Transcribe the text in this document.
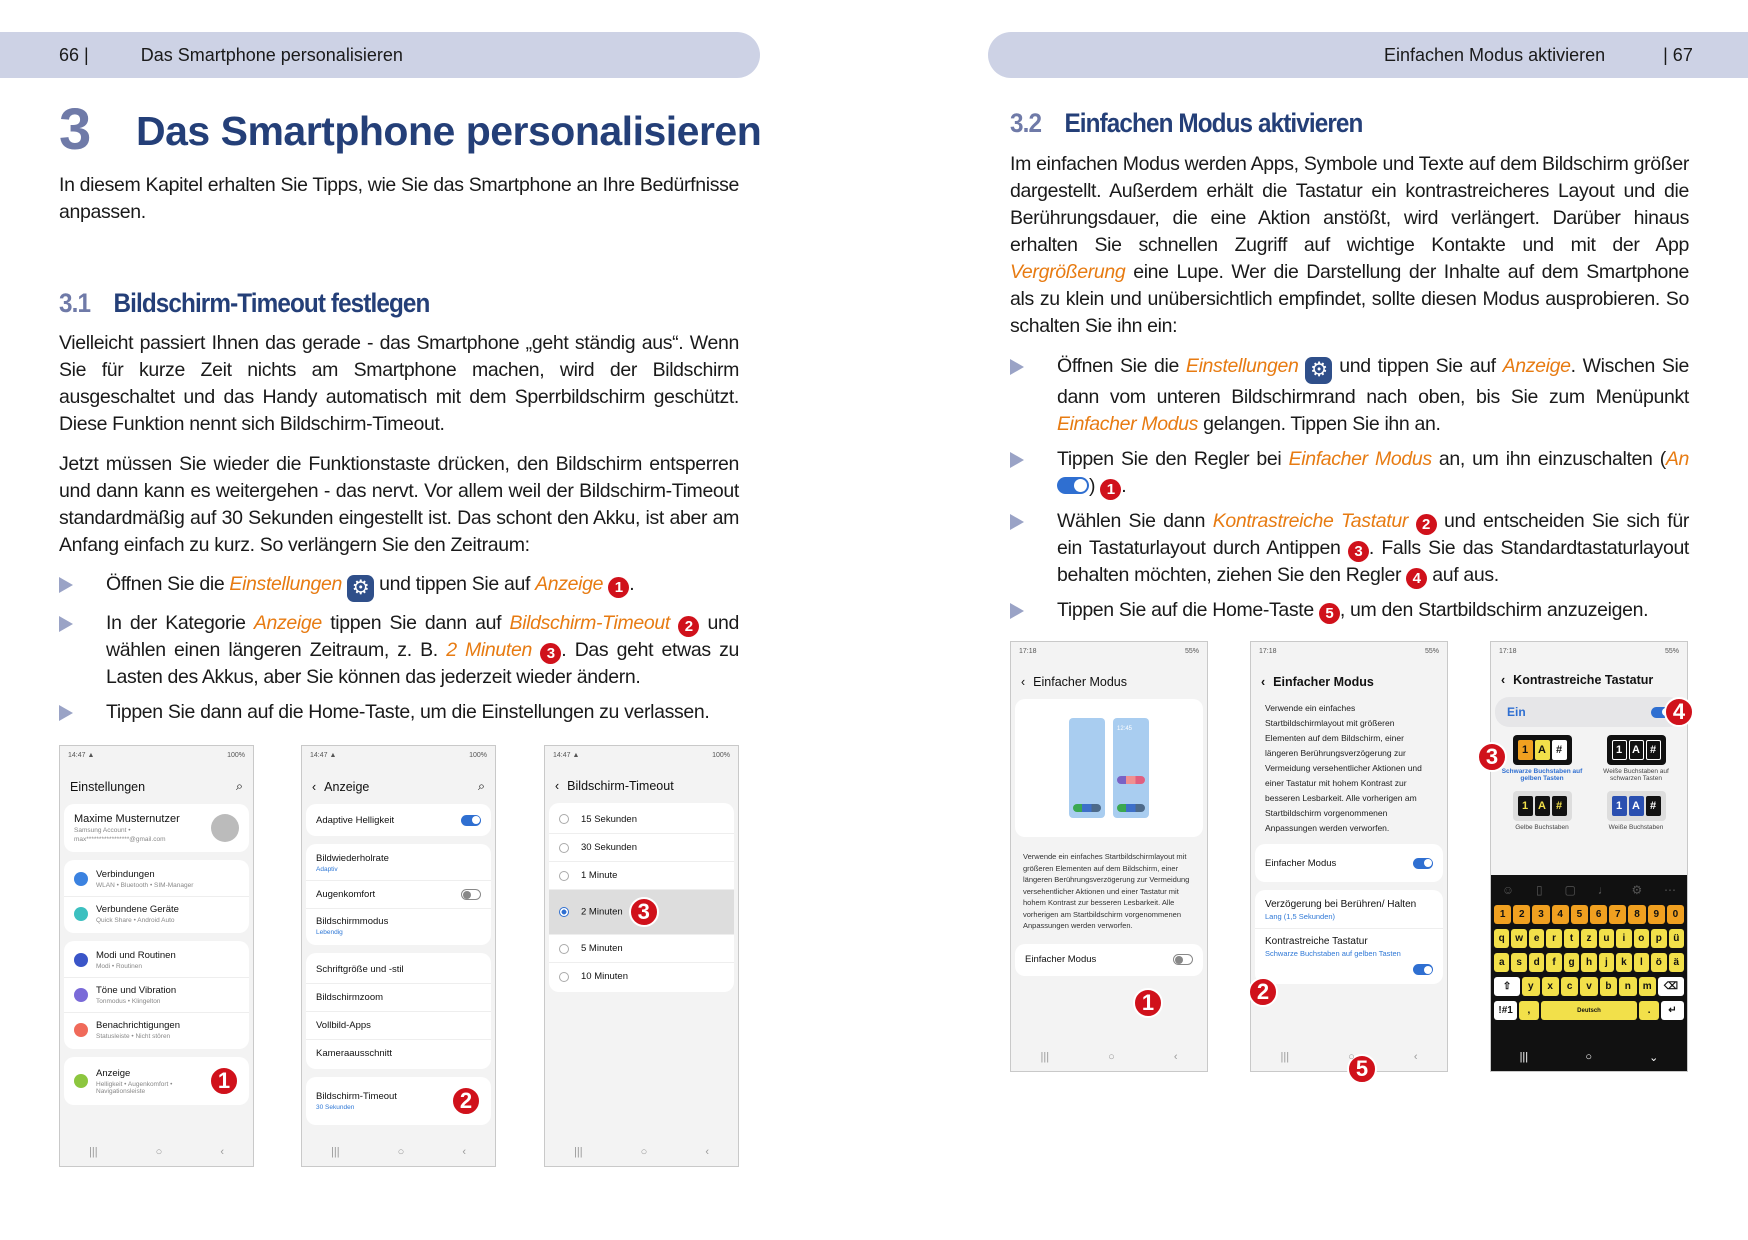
66 |	Das Smartphone personalisieren	Einfachen Modus aktivieren	| 67
3 Das Smartphone personalisieren
In diesem Kapitel erhalten Sie Tipps, wie Sie das Smartphone an Ihre Bedürfnisse anpassen.
3.1 Bildschirm-Timeout festlegen
Vielleicht passiert Ihnen das gerade - das Smartphone „geht ständig aus“. Wenn Sie für kurze Zeit nichts am Smartphone machen, wird der Bildschirm ausgeschaltet und das Handy automatisch mit dem Sperrbildschirm geschützt. Diese Funktion nennt sich Bildschirm-Timeout.
Jetzt müssen Sie wieder die Funktionstaste drücken, den Bildschirm entsperren und dann kann es weitergehen - das nervt. Vor allem weil der Bildschirm-Timeout standardmäßig auf 30 Sekunden eingestellt ist. Das schont den Akku, ist aber am Anfang einfach zu kurz. So verlängern Sie den Zeitraum:
Öffnen Sie die Einstellungen ⚙ und tippen Sie auf Anzeige 1 .
In der Kategorie Anzeige tippen Sie dann auf Bildschirm-Timeout 2 und wählen einen längeren Zeitraum, z. B. 2 Minuten 3 . Das geht etwas zu Lasten des Akkus, aber Sie können das jederzeit wieder ändern.
Tippen Sie dann auf die Home-Taste, um die Einstellungen zu verlassen.
3.2 Einfachen Modus aktivieren
Im einfachen Modus werden Apps, Symbole und Texte auf dem Bildschirm größer dargestellt. Außerdem erhält die Tastatur ein kontrastreicheres Layout und die Berührungsdauer, die eine Aktion anstößt, wird verlängert. Darüber hinaus erhalten Sie schnellen Zugriff auf wichtige Kontakte und mit der App Vergrößerung eine Lupe. Wer die Darstellung der Inhalte auf dem Smartphone als zu klein und unübersichtlich empfindet, sollte diesen Modus ausprobieren. So schalten Sie ihn ein:
Öffnen Sie die Einstellungen ⚙ und tippen Sie auf Anzeige. Wischen Sie dann vom unteren Bildschirmrand nach oben, bis Sie zum Menüpunkt Einfacher Modus gelangen. Tippen Sie ihn an.
Tippen Sie den Regler bei Einfacher Modus an, um ihn einzuschalten (An) 1 .
Wählen Sie dann Kontrastreiche Tastatur 2 und entscheiden Sie sich für ein Tastaturlayout durch Antippen 3 . Falls Sie das Standardtastaturlayout behalten möchten, ziehen Sie den Regler 4 auf aus.
Tippen Sie auf die Home-Taste 5 , um den Startbildschirm anzuzeigen.
14:47 ▲	100%
Einstellungen	⌕
Maxime Musternutzer
Samsung Account •
max*****************@gmail.com
Verbindungen
WLAN • Bluetooth • SIM-Manager
Verbundene Geräte
Quick Share • Android Auto
Modi und Routinen
Modi • Routinen
Töne und Vibration
Tonmodus • Klingelton
Benachrichtigungen
Statusleiste • Nicht stören
Anzeige
Helligkeit • Augenkomfort • Navigationsleiste	1
|||	○	‹
14:47 ▲	100%
‹ Anzeige	⌕
Adaptive Helligkeit
Bildwiederholrate
Adaptiv
Augenkomfort
Bildschirmmodus
Lebendig
Schriftgröße und -stil
Bildschirmzoom
Vollbild-Apps
Kameraausschnitt
Bildschirm-Timeout
30 Sekunden	2
|||	○	‹
14:47 ▲	100%
‹ Bildschirm-Timeout
15 Sekunden
30 Sekunden
1 Minute
2 Minuten 3
5 Minuten
10 Minuten
|||	○	‹
17:18	55%
‹ Einfacher Modus
12:45
Verwende ein einfaches Startbildschirmlayout mit größeren Elementen auf dem Bildschirm, einer längeren Berührungsverzögerung zur Vermeidung versehentlicher Aktionen und einer Tastatur mit hohem Kontrast zur besseren Lesbarkeit. Alle vorherigen am Startbildschirm vorgenommenen Anpassungen werden verworfen.
Einfacher Modus
1
|||	○	‹
17:18	55%
‹ Einfacher Modus
Verwende ein einfaches Startbildschirmlayout mit größeren Elementen auf dem Bildschirm, einer längeren Berührungsverzögerung zur Vermeidung versehentlicher Aktionen und einer Tastatur mit hohem Kontrast zur besseren Lesbarkeit. Alle vorherigen am Startbildschirm vorgenommenen Anpassungen werden verworfen.
Einfacher Modus
Verzögerung bei Berühren/ Halten
Lang (1,5 Sekunden)
Kontrastreiche Tastatur
Schwarze Buchstaben auf gelben Tasten
2
5
|||	○	‹
17:18	55%
‹ Kontrastreiche Tastatur
Ein
1 A #
Schwarze Buchstaben auf gelben Tasten
1 A #
Weiße Buchstaben auf schwarzen Tasten
1 A #
Gelbe Buchstaben
1 A #
Weiße Buchstaben
☺ ▯ ▢ ♩ ⚙ ⋯
1	2	3	4	5	6	7	8	9	0
q	w	e	r	t	z	u	i	o	p	ü
a	s	d	f	g	h	j	k	l	ö	ä
⇧	y	x	c	v	b	n	m	⌫
!#1	,	Deutsch	.	↵
3
|||	○	⌄
4
